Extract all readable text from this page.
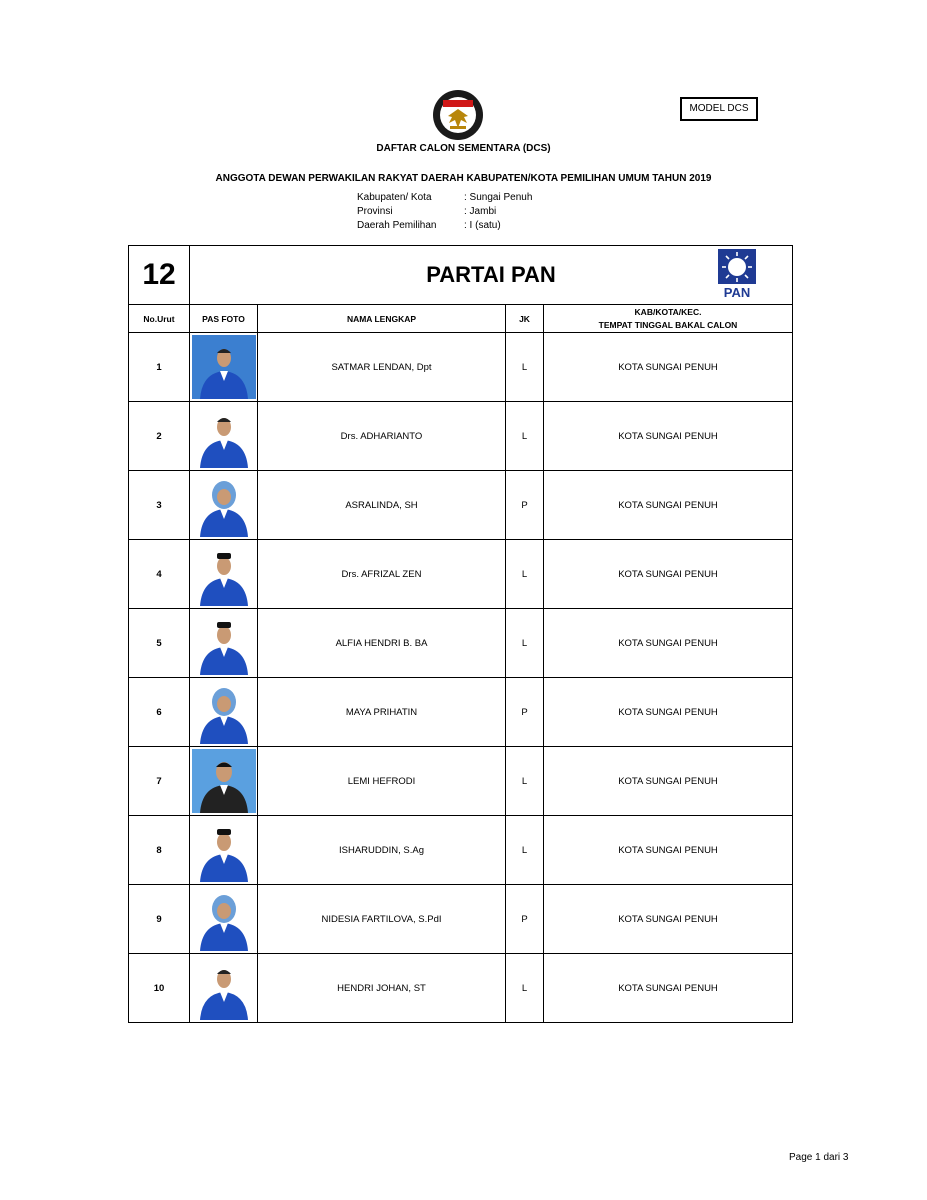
MODEL DCS
DAFTAR CALON SEMENTARA (DCS)
ANGGOTA DEWAN PERWAKILAN RAKYAT DAERAH KABUPATEN/KOTA PEMILIHAN UMUM TAHUN 2019
Kabupaten/ Kota	: Sungai Penuh
Provinsi	: Jambi
Daerah Pemilihan	: I (satu)
12	PARTAI PAN
PAN			

No.Urut	PAS FOTO	NAMA LENGKAP	JK	KAB/KOTA/KEC.
TEMPAT TINGGAL BAKAL CALON

1		SATMAR LENDAN, Dpt	L	KOTA SUNGAI PENUH
2		Drs. ADHARIANTO	L	KOTA SUNGAI PENUH
3		ASRALINDA, SH	P	KOTA SUNGAI PENUH
4		Drs. AFRIZAL ZEN	L	KOTA SUNGAI PENUH
5		ALFIA HENDRI B. BA	L	KOTA SUNGAI PENUH
6		MAYA PRIHATIN	P	KOTA SUNGAI PENUH
7		LEMI HEFRODI	L	KOTA SUNGAI PENUH
8		ISHARUDDIN, S.Ag	L	KOTA SUNGAI PENUH
9		NIDESIA FARTILOVA, S.PdI	P	KOTA SUNGAI PENUH
10		HENDRI JOHAN, ST	L	KOTA SUNGAI PENUH
Page 1 dari 3
